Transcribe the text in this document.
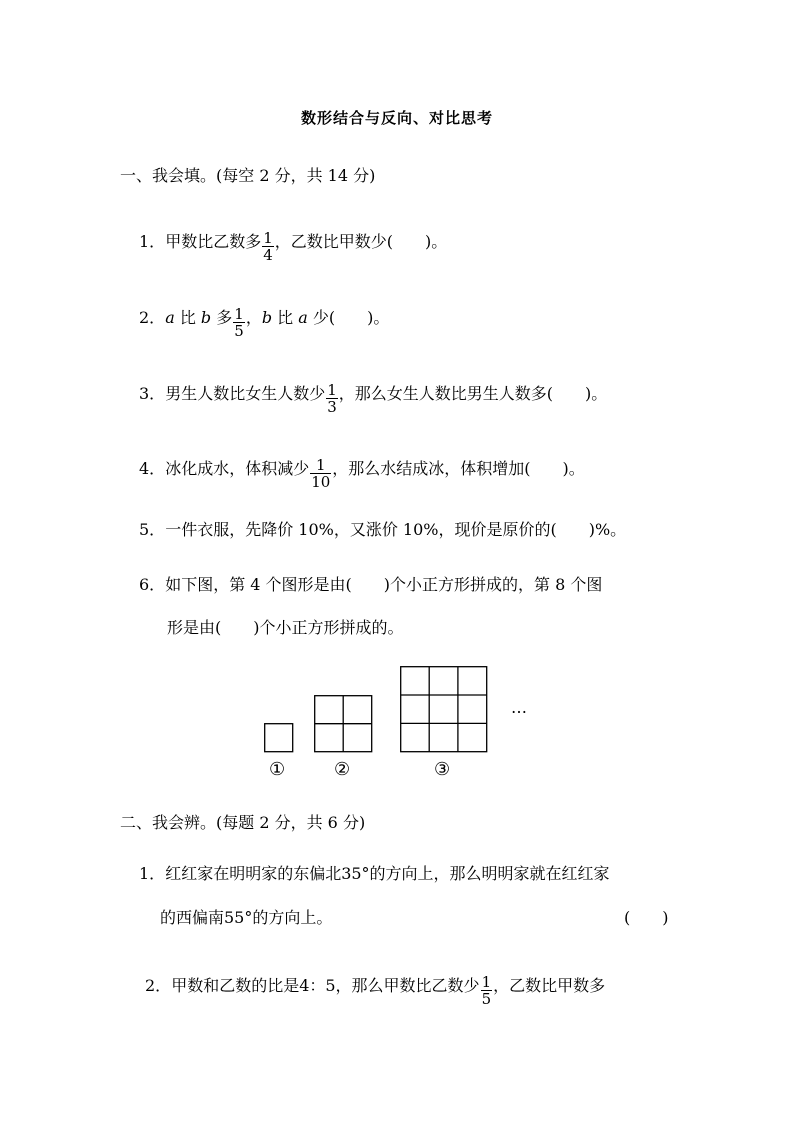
数形结合与反向、对比思考
一、我会填。(每空 2 分，共 14 分)
1．甲数比乙数多 $\frac{1}{4}$ ，乙数比甲数少(　　)。
2．a 比 b 多 $\frac{1}{5}$ ，b 比 a 少(　　)。
3．男生人数比女生人数少 $\frac{1}{3}$ ，那么女生人数比男生人数多(　　)。
4．冰化成水，体积减少 $\frac{1}{10}$ ，那么水结成冰，体积增加(　　)。
5．一件衣服，先降价 10%，又涨价 10%，现价是原价的(　　)%。
6．如下图，第 4 个图形是由(　　)个小正方形拼成的，第 8 个图
形是由(　　)个小正方形拼成的。
…
①	②	③
二、我会辨。(每题 2 分，共 6 分)
1．红红家在明明家的东偏北35°的方向上，那么明明家就在红红家
的西偏南55°的方向上。	(　　)
2．甲数和乙数的比是4：5，那么甲数比乙数少 $\frac{1}{5}$ ，乙数比甲数多
